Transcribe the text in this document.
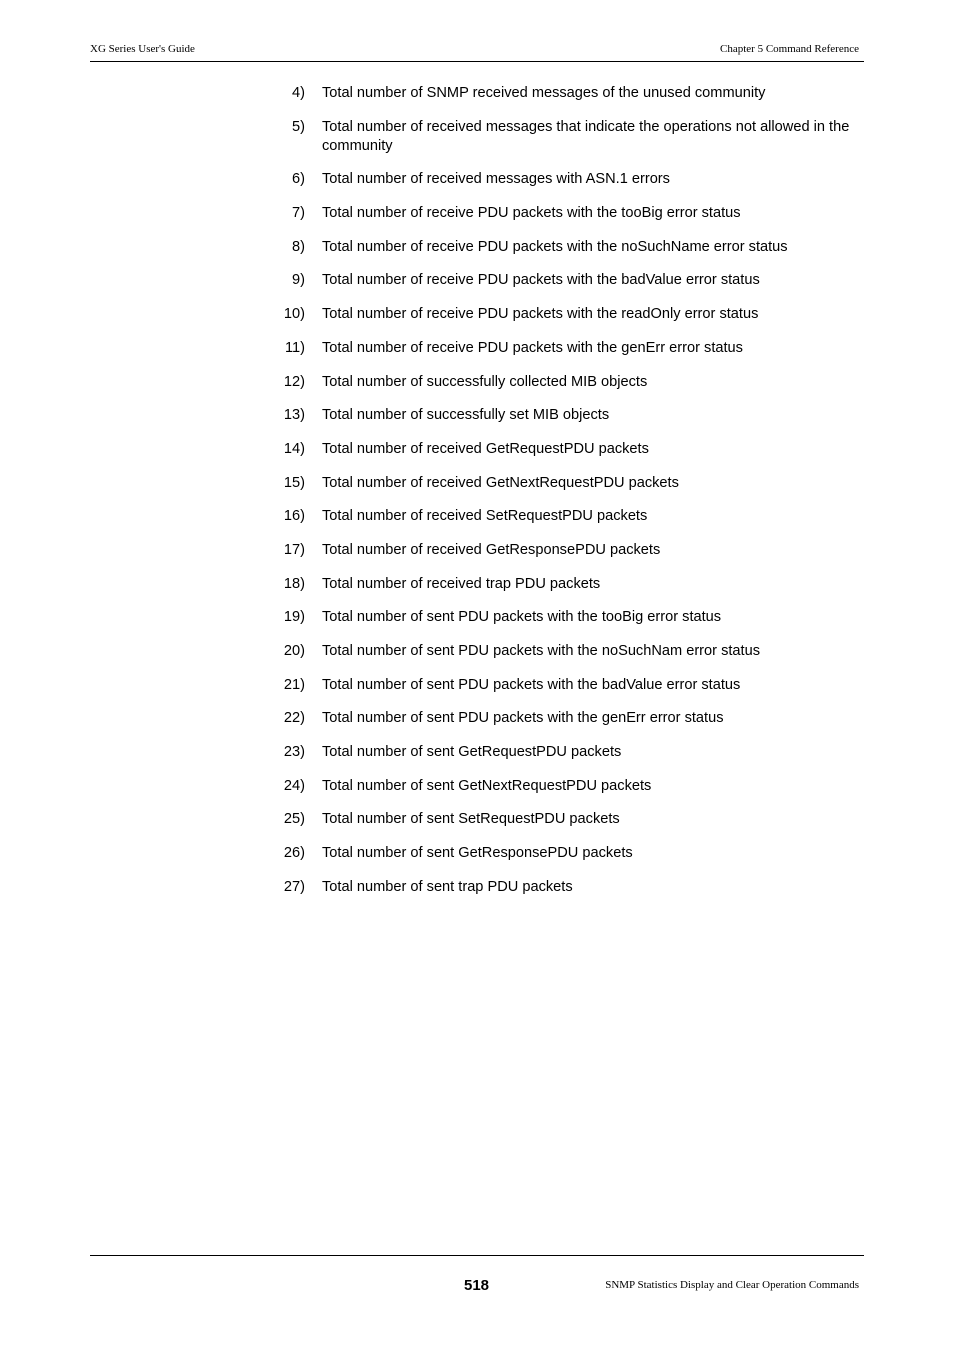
XG Series User's Guide	Chapter 5 Command Reference
4) Total number of SNMP received messages of the unused community
5) Total number of received messages that indicate the operations not allowed in the community
6) Total number of received messages with ASN.1 errors
7) Total number of receive PDU packets with the tooBig error status
8) Total number of receive PDU packets with the noSuchName error status
9) Total number of receive PDU packets with the badValue error status
10) Total number of receive PDU packets with the readOnly error status
11) Total number of receive PDU packets with the genErr error status
12) Total number of successfully collected MIB objects
13) Total number of successfully set MIB objects
14) Total number of received GetRequestPDU packets
15) Total number of received GetNextRequestPDU packets
16) Total number of received SetRequestPDU packets
17) Total number of received GetResponsePDU packets
18) Total number of received trap PDU packets
19) Total number of sent PDU packets with the tooBig error status
20) Total number of sent PDU packets with the noSuchNam error status
21) Total number of sent PDU packets with the badValue error status
22) Total number of sent PDU packets with the genErr error status
23) Total number of sent GetRequestPDU packets
24) Total number of sent GetNextRequestPDU packets
25) Total number of sent SetRequestPDU packets
26) Total number of sent GetResponsePDU packets
27) Total number of sent trap PDU packets
518	SNMP Statistics Display and Clear Operation Commands
